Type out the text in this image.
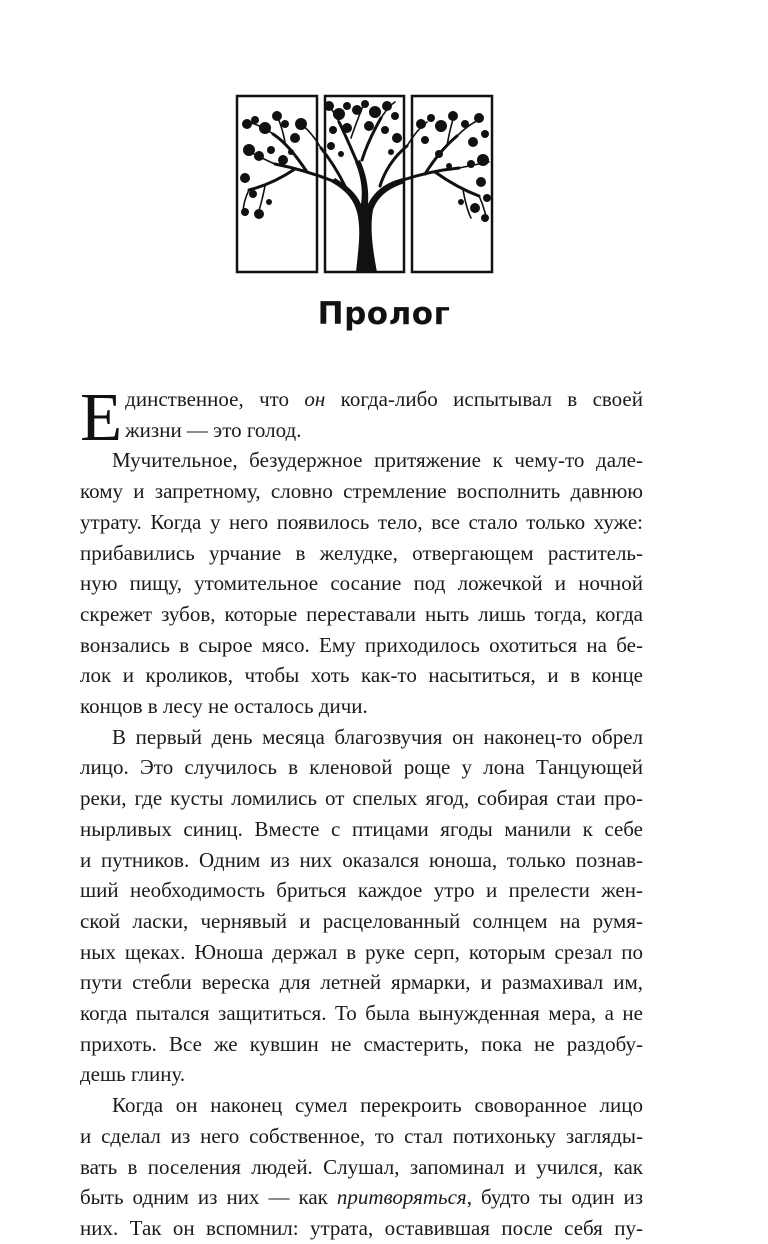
Пролог

Единственное, что он когда-либо испытывал в своей
жизни — это голод.

Мучительное, безудержное притяжение к чему-то дале-
кому и запретному, словно стремление восполнить давнюю
утрату. Когда у него появилось тело, все стало только хуже:
прибавились урчание в желудке, отвергающем раститель-
ную пищу, утомительное сосание под ложечкой и ночной
скрежет зубов, которые переставали ныть лишь тогда, когда
вонзались в сырое мясо. Ему приходилось охотиться на бе-
лок и кроликов, чтобы хоть как-то насытиться, и в конце
концов в лесу не осталось дичи.

В первый день месяца благозвучия он наконец-то обрел
лицо. Это случилось в кленовой роще у лона Танцующей
реки, где кусты ломились от спелых ягод, собирая стаи про-
нырливых синиц. Вместе с птицами ягоды манили к себе
и путников. Одним из них оказался юноша, только познав-
ший необходимость бриться каждое утро и прелести жен-
ской ласки, чернявый и расцелованный солнцем на румя-
ных щеках. Юноша держал в руке серп, которым срезал по
пути стебли вереска для летней ярмарки, и размахивал им,
когда пытался защититься. То была вынужденная мера, а не
прихоть. Все же кувшин не смастерить, пока не раздобу-
дешь глину.

Когда он наконец сумел перекроить своворанное лицо
и сделал из него собственное, то стал потихоньку загляды-
вать в поселения людей. Слушал, запоминал и учился, как
быть одним из них — как притворяться, будто ты один из
них. Так он вспомнил: утрата, оставившая после себя пу-
